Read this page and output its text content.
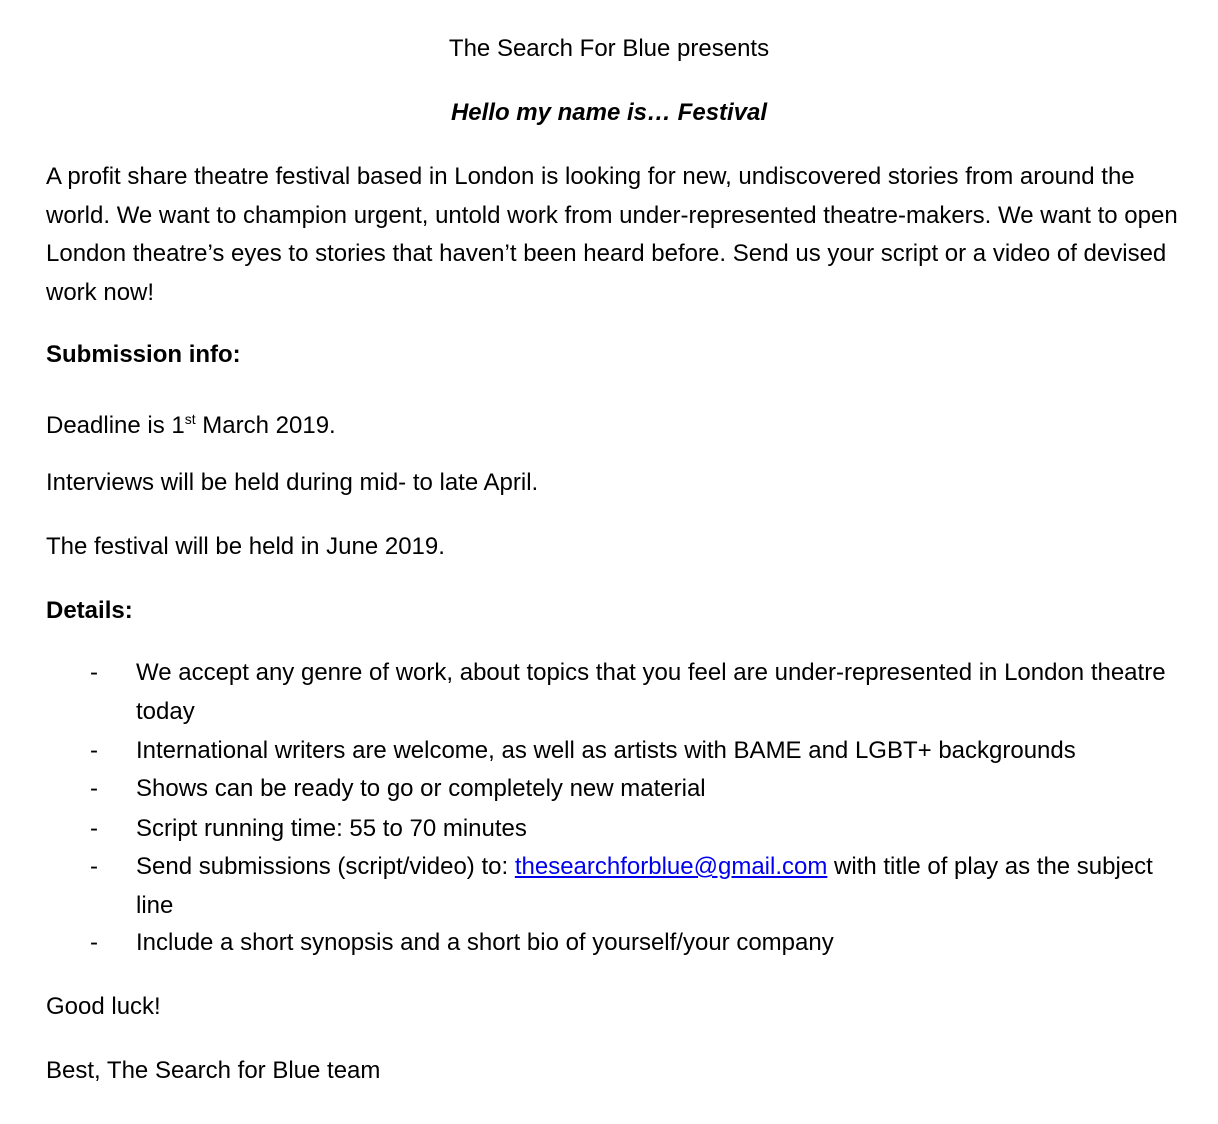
The Search For Blue presents

Hello my name is… Festival

A profit share theatre festival based in London is looking for new, undiscovered stories from around the world. We want to champion urgent, untold work from under-represented theatre-makers. We want to open London theatre’s eyes to stories that haven’t been heard before. Send us your script or a video of devised work now!

Submission info:

Deadline is 1st March 2019.

Interviews will be held during mid- to late April.

The festival will be held in June 2019.

Details:

- We accept any genre of work, about topics that you feel are under-represented in London theatre today
- International writers are welcome, as well as artists with BAME and LGBT+ backgrounds
- Shows can be ready to go or completely new material
- Script running time: 55 to 70 minutes
- Send submissions (script/video) to: thesearchforblue@gmail.com with title of play as the subject line
- Include a short synopsis and a short bio of yourself/your company

Good luck!

Best, The Search for Blue team
